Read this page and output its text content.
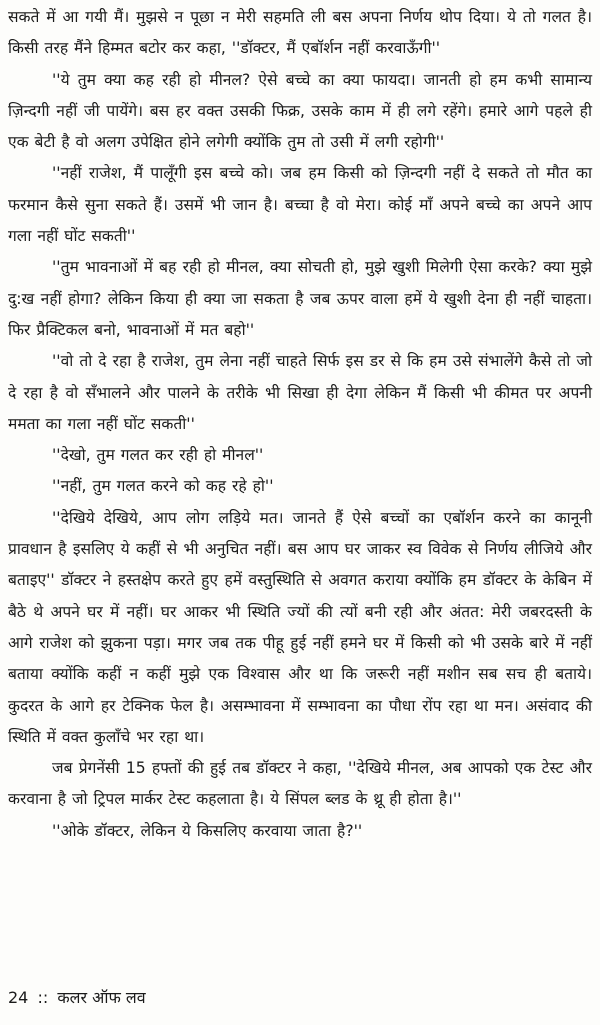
सकते में आ गयी मैं। मुझसे न पूछा न मेरी सहमति ली बस अपना निर्णय थोप दिया। ये तो गलत है। किसी तरह मैंने हिम्मत बटोर कर कहा, ''डॉक्टर, मैं एबॉर्शन नहीं करवाऊँगी''

''ये तुम क्या कह रही हो मीनल? ऐसे बच्चे का क्या फायदा। जानती हो हम कभी सामान्य ज़िन्दगी नहीं जी पायेंगे। बस हर वक्त उसकी फिक्र, उसके काम में ही लगे रहेंगे। हमारे आगे पहले ही एक बेटी है वो अलग उपेक्षित होने लगेगी क्योंकि तुम तो उसी में लगी रहोगी''

''नहीं राजेश, मैं पालूँगी इस बच्चे को। जब हम किसी को ज़िन्दगी नहीं दे सकते तो मौत का फरमान कैसे सुना सकते हैं। उसमें भी जान है। बच्चा है वो मेरा। कोई माँ अपने बच्चे का अपने आप गला नहीं घोंट सकती''

''तुम भावनाओं में बह रही हो मीनल, क्या सोचती हो, मुझे खुशी मिलेगी ऐसा करके? क्या मुझे दु:ख नहीं होगा? लेकिन किया ही क्या जा सकता है जब ऊपर वाला हमें ये खुशी देना ही नहीं चाहता। फिर प्रैक्टिकल बनो, भावनाओं में मत बहो''

''वो तो दे रहा है राजेश, तुम लेना नहीं चाहते सिर्फ इस डर से कि हम उसे संभालेंगे कैसे तो जो दे रहा है वो सँभालने और पालने के तरीके भी सिखा ही देगा लेकिन मैं किसी भी कीमत पर अपनी ममता का गला नहीं घोंट सकती''

''देखो, तुम गलत कर रही हो मीनल''

''नहीं, तुम गलत करने को कह रहे हो''

''देखिये देखिये, आप लोग लड़िये मत। जानते हैं ऐसे बच्चों का एबॉर्शन करने का कानूनी प्रावधान है इसलिए ये कहीं से भी अनुचित नहीं। बस आप घर जाकर स्व विवेक से निर्णय लीजिये और बताइए'' डॉक्टर ने हस्तक्षेप करते हुए हमें वस्तुस्थिति से अवगत कराया क्योंकि हम डॉक्टर के केबिन में बैठे थे अपने घर में नहीं। घर आकर भी स्थिति ज्यों की त्यों बनी रही और अंतत: मेरी जबरदस्ती के आगे राजेश को झुकना पड़ा। मगर जब तक पीहू हुई नहीं हमने घर में किसी को भी उसके बारे में नहीं बताया क्योंकि कहीं न कहीं मुझे एक विश्वास और था कि जरूरी नहीं मशीन सब सच ही बताये। कुदरत के आगे हर टेक्निक फेल है। असम्भावना में सम्भावना का पौधा रोंप रहा था मन। असंवाद की स्थिति में वक्त कुलाँचे भर रहा था।

जब प्रेगनेंसी 15 हफ्तों की हुई तब डॉक्टर ने कहा, ''देखिये मीनल, अब आपको एक टेस्ट और करवाना है जो ट्रिपल मार्कर टेस्ट कहलाता है। ये सिंपल ब्लड के थ्रू ही होता है।''

''ओके डॉक्टर, लेकिन ये किसलिए करवाया जाता है?''

24 :: कलर ऑफ लव
